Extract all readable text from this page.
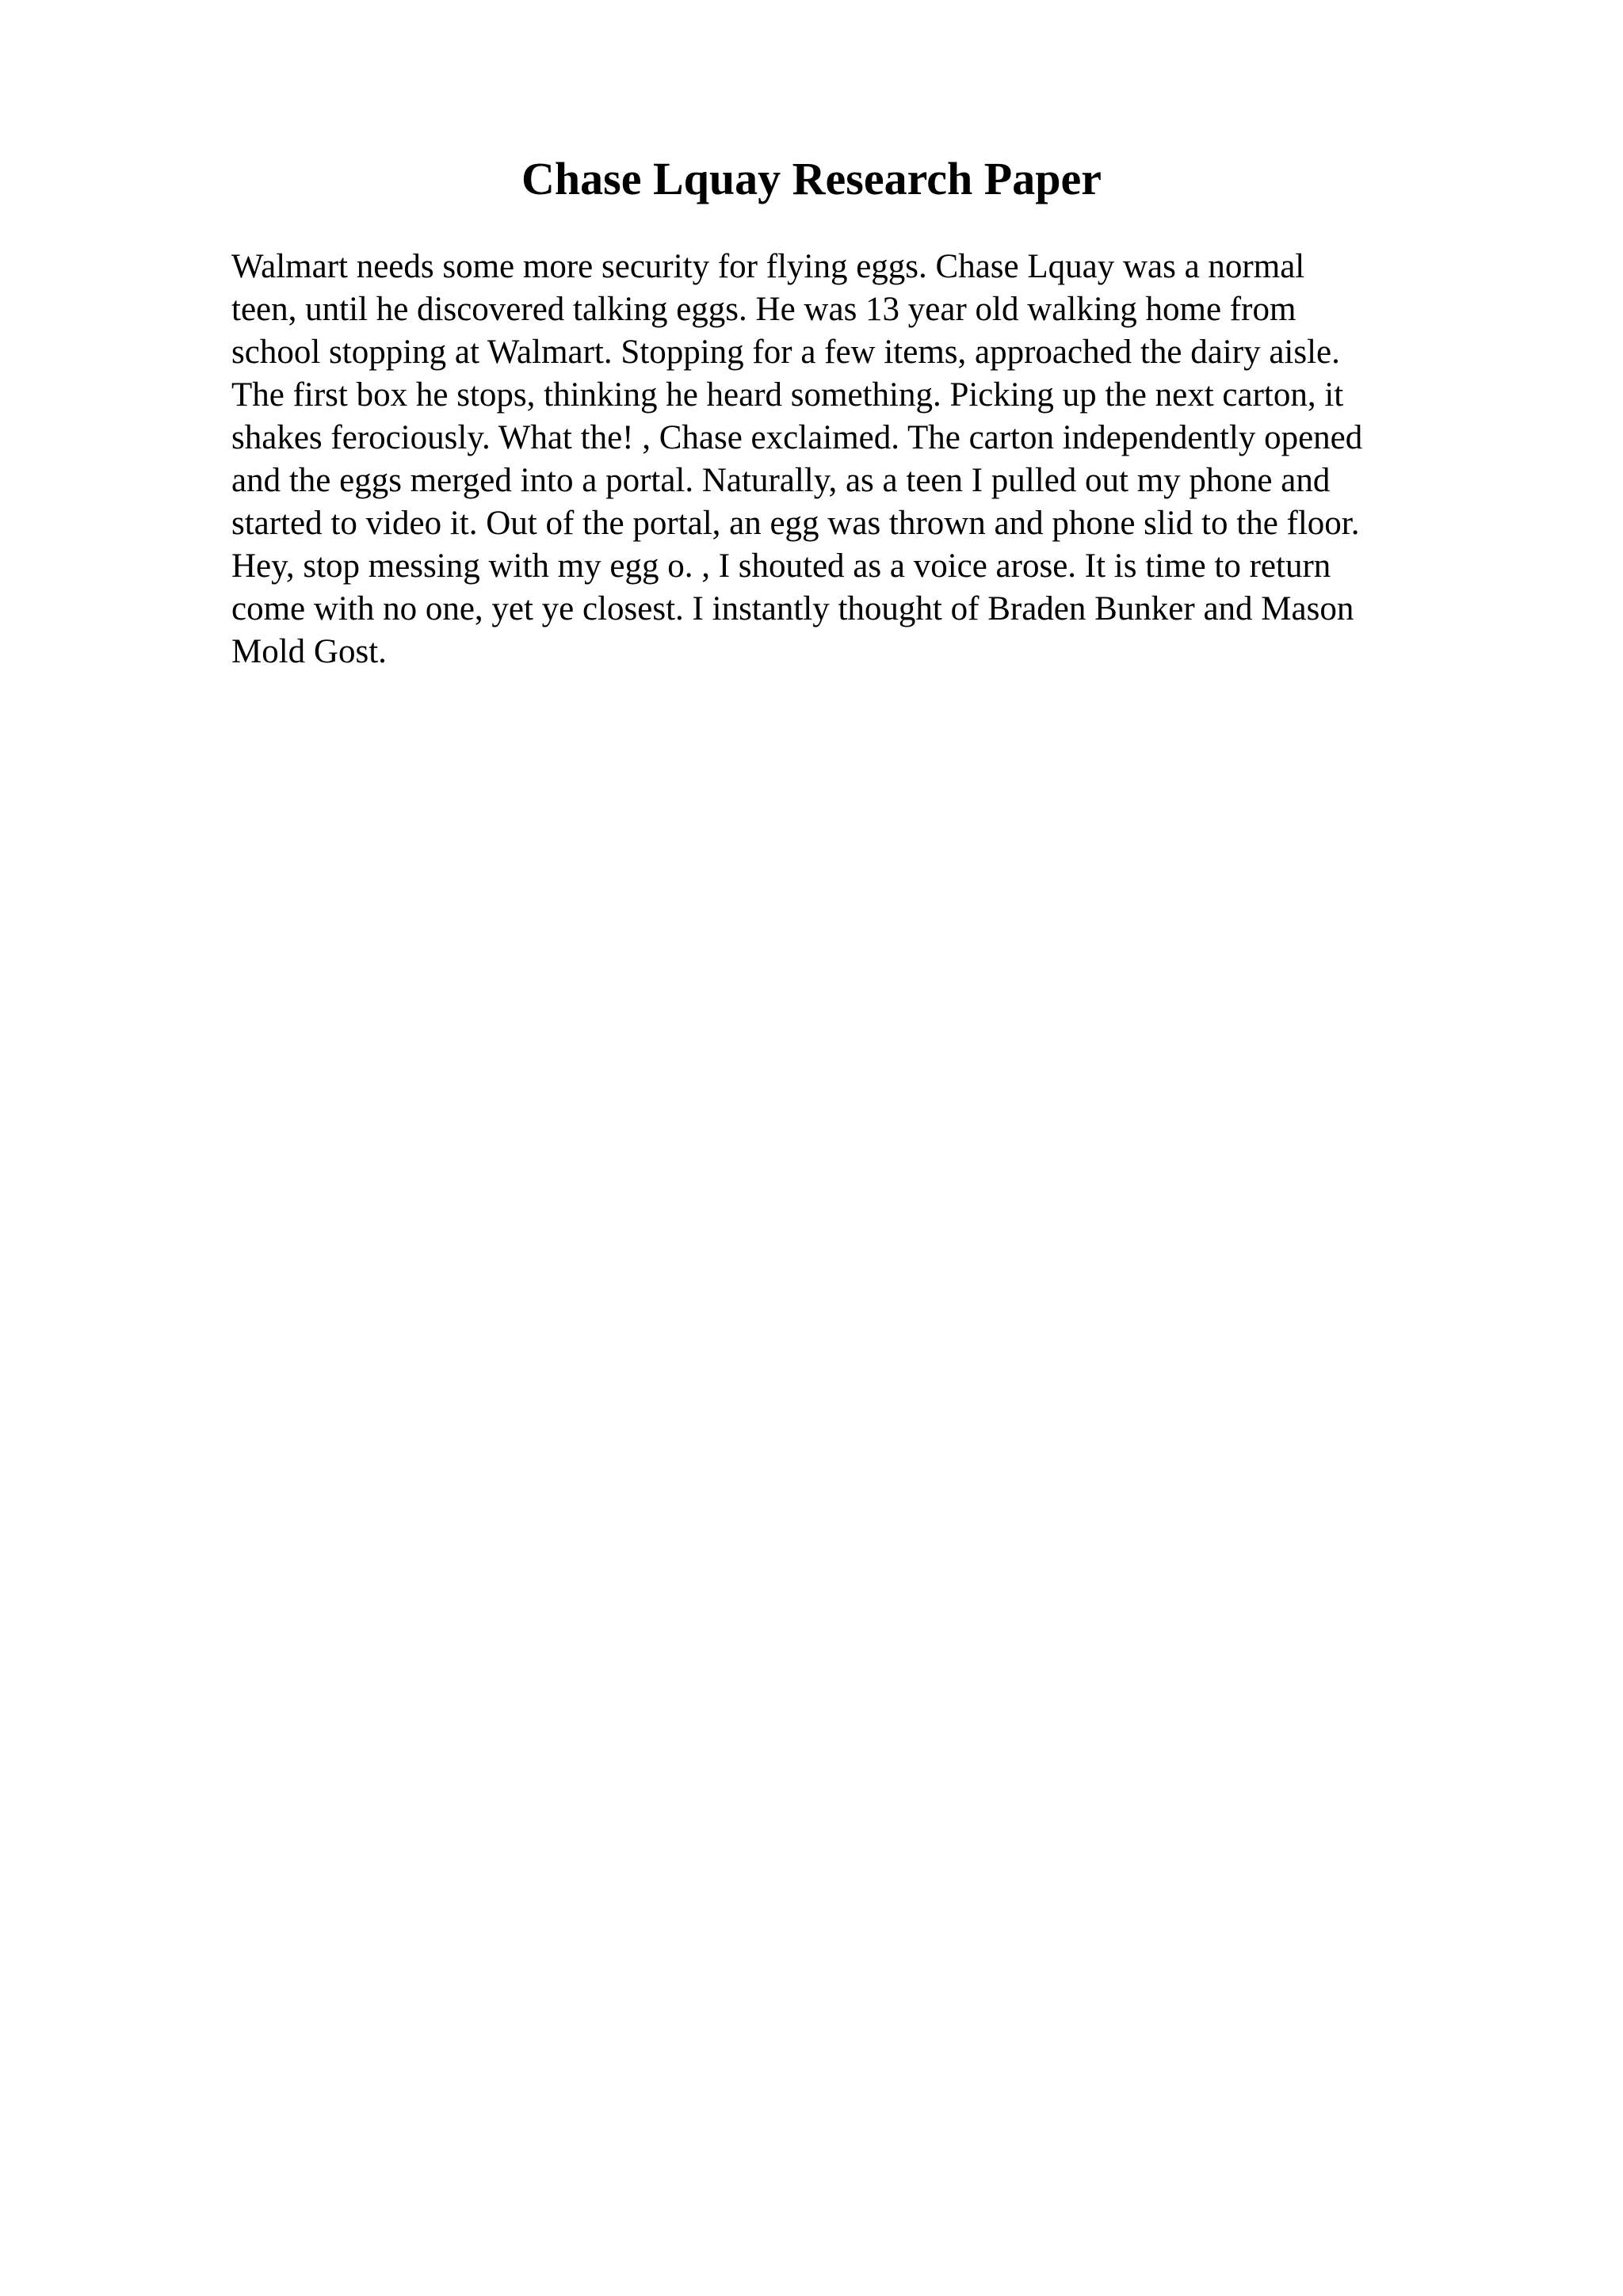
Chase Lquay Research Paper
Walmart needs some more security for flying eggs. Chase Lquay was a normal
teen, until he discovered talking eggs. He was 13 year old walking home from
school stopping at Walmart. Stopping for a few items, approached the dairy aisle.
The first box he stops, thinking he heard something. Picking up the next carton, it
shakes ferociously. What the! , Chase exclaimed. The carton independently opened
and the eggs merged into a portal. Naturally, as a teen I pulled out my phone and
started to video it. Out of the portal, an egg was thrown and phone slid to the floor.
Hey, stop messing with my egg o. , I shouted as a voice arose. It is time to return
come with no one, yet ye closest. I instantly thought of Braden Bunker and Mason
Mold Gost.
